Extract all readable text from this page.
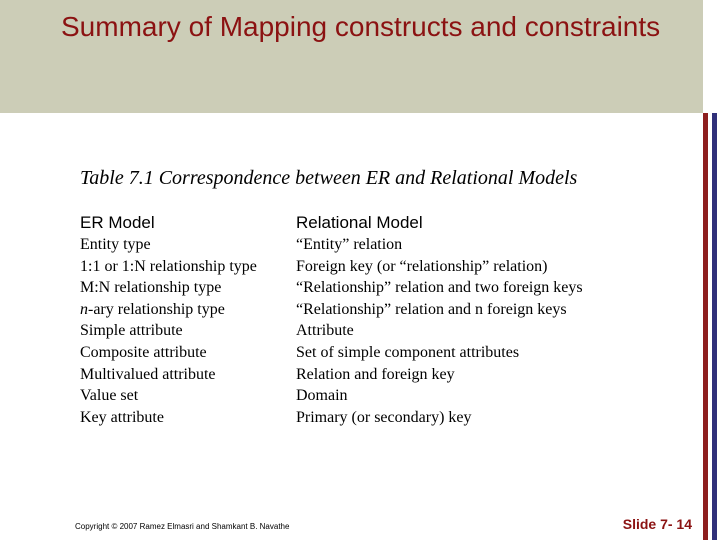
Summary of Mapping constructs and constraints
Table 7.1 Correspondence between ER and Relational Models
ER Model
Entity type
1:1 or 1:N relationship type
M:N relationship type
n-ary relationship type
Simple attribute
Composite attribute
Multivalued attribute
Value set
Key attribute
Relational Model
“Entity” relation
Foreign key (or “relationship” relation)
“Relationship” relation and two foreign keys
“Relationship” relation and n foreign keys
Attribute
Set of simple component attributes
Relation and foreign key
Domain
Primary (or secondary) key
Copyright © 2007 Ramez Elmasri and Shamkant B. Navathe	Slide 7- 14
